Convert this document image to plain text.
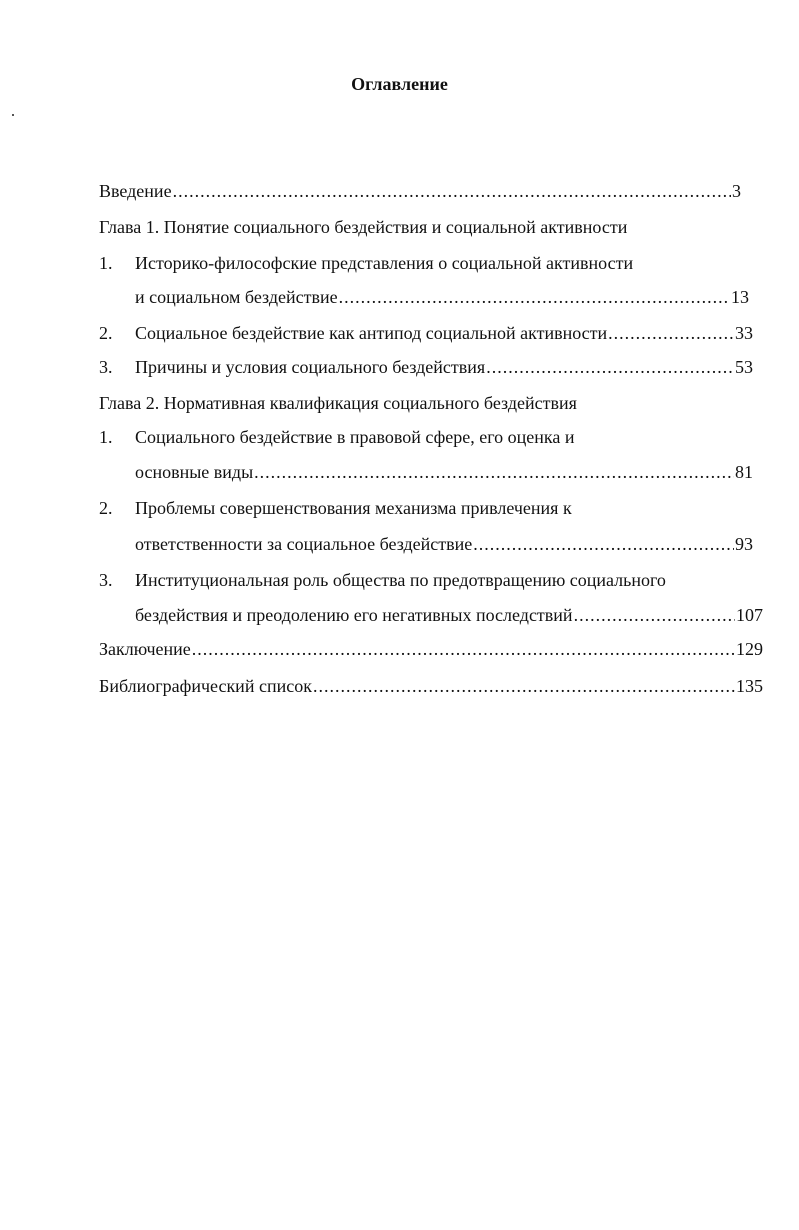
Оглавление
Введение .....	3
Глава 1. Понятие социального бездействия и социальной активности
1. Историко-философские представления о социальной активности
и социальном бездействие .....	13
2. Социальное бездействие как антипод социальной активности .....	33
3. Причины и условия социального бездействия .....	53
Глава 2. Нормативная квалификация социального бездействия
1. Социального бездействие в правовой сфере, его оценка и
основные виды .....	81
2. Проблемы совершенствования механизма привлечения к
ответственности за социальное бездействие .....	93
3. Институциональная роль общества по предотвращению социального
бездействия и преодолению его негативных последствий .....	107
Заключение .....	129
Библиографический список .....	135
